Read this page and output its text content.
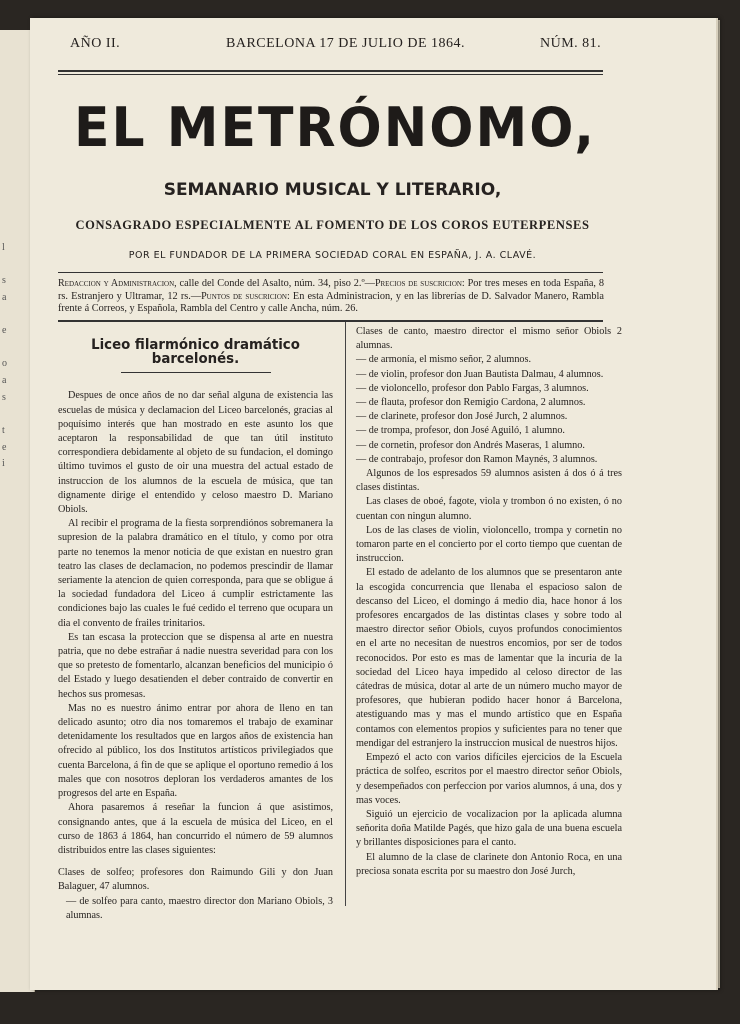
l
s
a
e
o
a
s
t
e
i
AÑO II.	BARCELONA 17 DE JULIO DE 1864.	NÚM. 81.
EL METRÓNOMO,
SEMANARIO MUSICAL Y LITERARIO,
CONSAGRADO ESPECIALMENTE AL FOMENTO DE LOS COROS EUTERPENSES
POR EL FUNDADOR DE LA PRIMERA SOCIEDAD CORAL EN ESPAÑA, J. A. CLAVÉ.
Redaccion y Administracion, calle del Conde del Asalto, núm. 34, piso 2.º—Precios de suscricion: Por tres meses en toda España, 8 rs. Estranjero y Ultramar, 12 rs.—Puntos de suscricion: En esta Administracion, y en las librerías de D. Salvador Manero, Rambla frente á Correos, y Española, Rambla del Centro y calle Ancha, núm. 26.
Liceo filarmónico dramático barcelonés.

Despues de once años de no dar señal alguna de existencia las escuelas de música y declamacion del Liceo barcelonés, gracias al poquísimo interés que han mostrado en este asunto los que aceptaron la responsabilidad de que tan útil instituto correspondiera debidamente al objeto de su fundacion, el domingo último tuvimos el gusto de oir una muestra del actual estado de instruccion de los alumnos de la escuela de música, que tan dignamente dirige el entendido y celoso maestro D. Mariano Obiols.

Al recibir el programa de la fiesta sorprendiónos sobremanera la supresion de la palabra dramático en el título, y como por otra parte no tenemos la menor noticia de que existan en nuestro gran teatro las clases de declamacion, no podemos prescindir de llamar seriamente la atencion de quien corresponda, para que se obligue á la sociedad fundadora del Liceo á cumplir estrictamente las condiciones bajo las cuales le fué cedido el terreno que ocupara un dia el convento de frailes trinitarios.

Es tan escasa la proteccion que se dispensa al arte en nuestra patria, que no debe estrañar á nadie nuestra severidad para con los que so pretesto de fomentarlo, alcanzan beneficios del municipio ó del Estado y luego desatienden el deber contraido de convertir en hechos sus promesas.

Mas no es nuestro ánimo entrar por ahora de lleno en tan delicado asunto; otro dia nos tomaremos el trabajo de examinar detenidamente los resultados que en largos años de existencia han ofrecido al público, los dos Institutos artísticos privilegiados que cuenta Barcelona, á fin de que se aplique el oportuno remedio á los males que con nosotros deploran los verdaderos amantes de los progresos del arte en España.

Ahora pasaremos á reseñar la funcion á que asistimos, consignando antes, que á la escuela de música del Liceo, en el curso de 1863 á 1864, han concurrido el número de 59 alumnos distribuidos entre las clases siguientes:

Clases de solfeo; profesores don Raimundo Gili y don Juan Balaguer, 47 alumnos.

— de solfeo para canto, maestro director don Mariano Obiols, 3 alumnas.

Clases de canto, maestro director el mismo señor Obiols 2 alumnas.

— de armonía, el mismo señor, 2 alumnos.

— de violin, profesor don Juan Bautista Dalmau, 4 alumnos.

— de violoncello, profesor don Pablo Fargas, 3 alumnos.

— de flauta, profesor don Remigio Cardona, 2 alumnos.

— de clarinete, profesor don José Jurch, 2 alumnos.

— de trompa, profesor, don José Aguiló, 1 alumno.

— de cornetin, profesor don Andrés Maseras, 1 alumno.

— de contrabajo, profesor don Ramon Maynés, 3 alumnos.

Algunos de los espresados 59 alumnos asisten á dos ó á tres clases distintas.

Las clases de oboé, fagote, viola y trombon ó no existen, ó no cuentan con ningun alumno.

Los de las clases de violin, violoncello, trompa y cornetin no tomaron parte en el concierto por el corto tiempo que cuentan de instruccion.

El estado de adelanto de los alumnos que se presentaron ante la escogida concurrencia que llenaba el espacioso salon de descanso del Liceo, el domingo á medio dia, hace honor á los profesores encargados de las distintas clases y sobre todo al maestro director señor Obiols, cuyos profundos conocimientos en el arte no necesitan de nuestros encomios, por ser de todos reconocidos. Por esto es mas de lamentar que la incuria de la sociedad del Liceo haya impedido al celoso director de las cátedras de música, dotar al arte de un número mucho mayor de profesores, que hubieran podido hacer honor á Barcelona, atestiguando mas y mas el mundo artístico que en España contamos con elementos propios y suficientes para no tener que mendigar del estranjero la instruccion musical de nuestros hijos.

Empezó el acto con varios difíciles ejercicios de la Escuela práctica de solfeo, escritos por el maestro director señor Obiols, y desempeñados con perfeccion por varios alumnos, á una, dos y mas voces.

Siguió un ejercicio de vocalizacion por la aplicada alumna señorita doña Matilde Pagés, que hizo gala de una buena escuela y brillantes disposiciones para el canto.

El alumno de la clase de clarinete don Antonio Roca, en una preciosa sonata escrita por su maestro don José Jurch,
